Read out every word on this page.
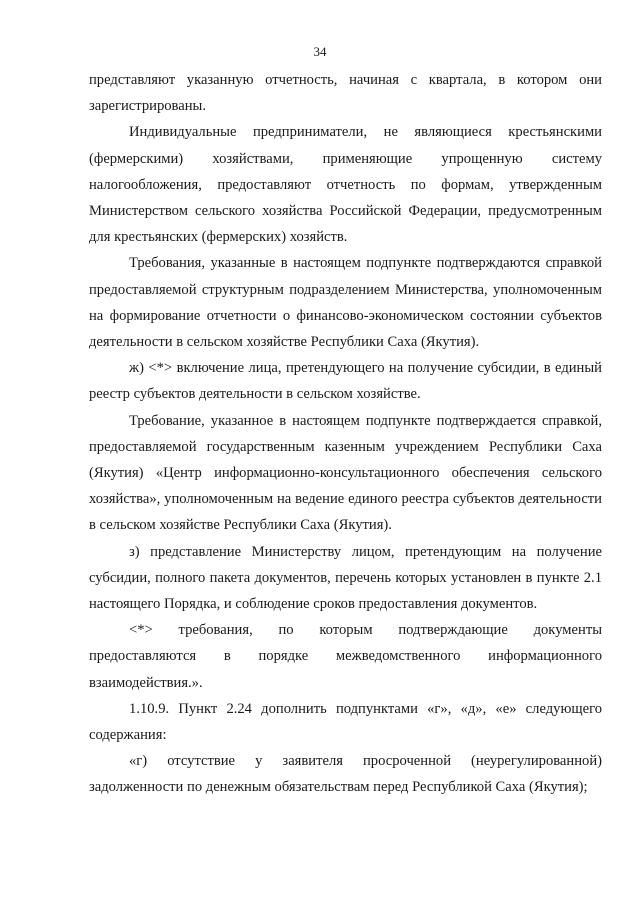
34

представляют указанную отчетность, начиная с квартала, в котором они зарегистрированы.

Индивидуальные предприниматели, не являющиеся крестьянскими (фермерскими) хозяйствами, применяющие упрощенную систему налогообложения, предоставляют отчетность по формам, утвержденным Министерством сельского хозяйства Российской Федерации, предусмотренным для крестьянских (фермерских) хозяйств.

Требования, указанные в настоящем подпункте подтверждаются справкой предоставляемой структурным подразделением Министерства, уполномоченным на формирование отчетности о финансово-экономическом состоянии субъектов деятельности в сельском хозяйстве Республики Саха (Якутия).

ж) <*> включение лица, претендующего на получение субсидии, в единый реестр субъектов деятельности в сельском хозяйстве.

Требование, указанное в настоящем подпункте подтверждается справкой, предоставляемой государственным казенным учреждением Республики Саха (Якутия) «Центр информационно-консультационного обеспечения сельского хозяйства», уполномоченным на ведение единого реестра субъектов деятельности в сельском хозяйстве Республики Саха (Якутия).

з) представление Министерству лицом, претендующим на получение субсидии, полного пакета документов, перечень которых установлен в пункте 2.1 настоящего Порядка, и соблюдение сроков предоставления документов.

<*> требования, по которым подтверждающие документы предоставляются в порядке межведомственного информационного взаимодействия.».

1.10.9. Пункт 2.24 дополнить подпунктами «г», «д», «е» следующего содержания:

«г) отсутствие у заявителя просроченной (неурегулированной) задолженности по денежным обязательствам перед Республикой Саха (Якутия);
